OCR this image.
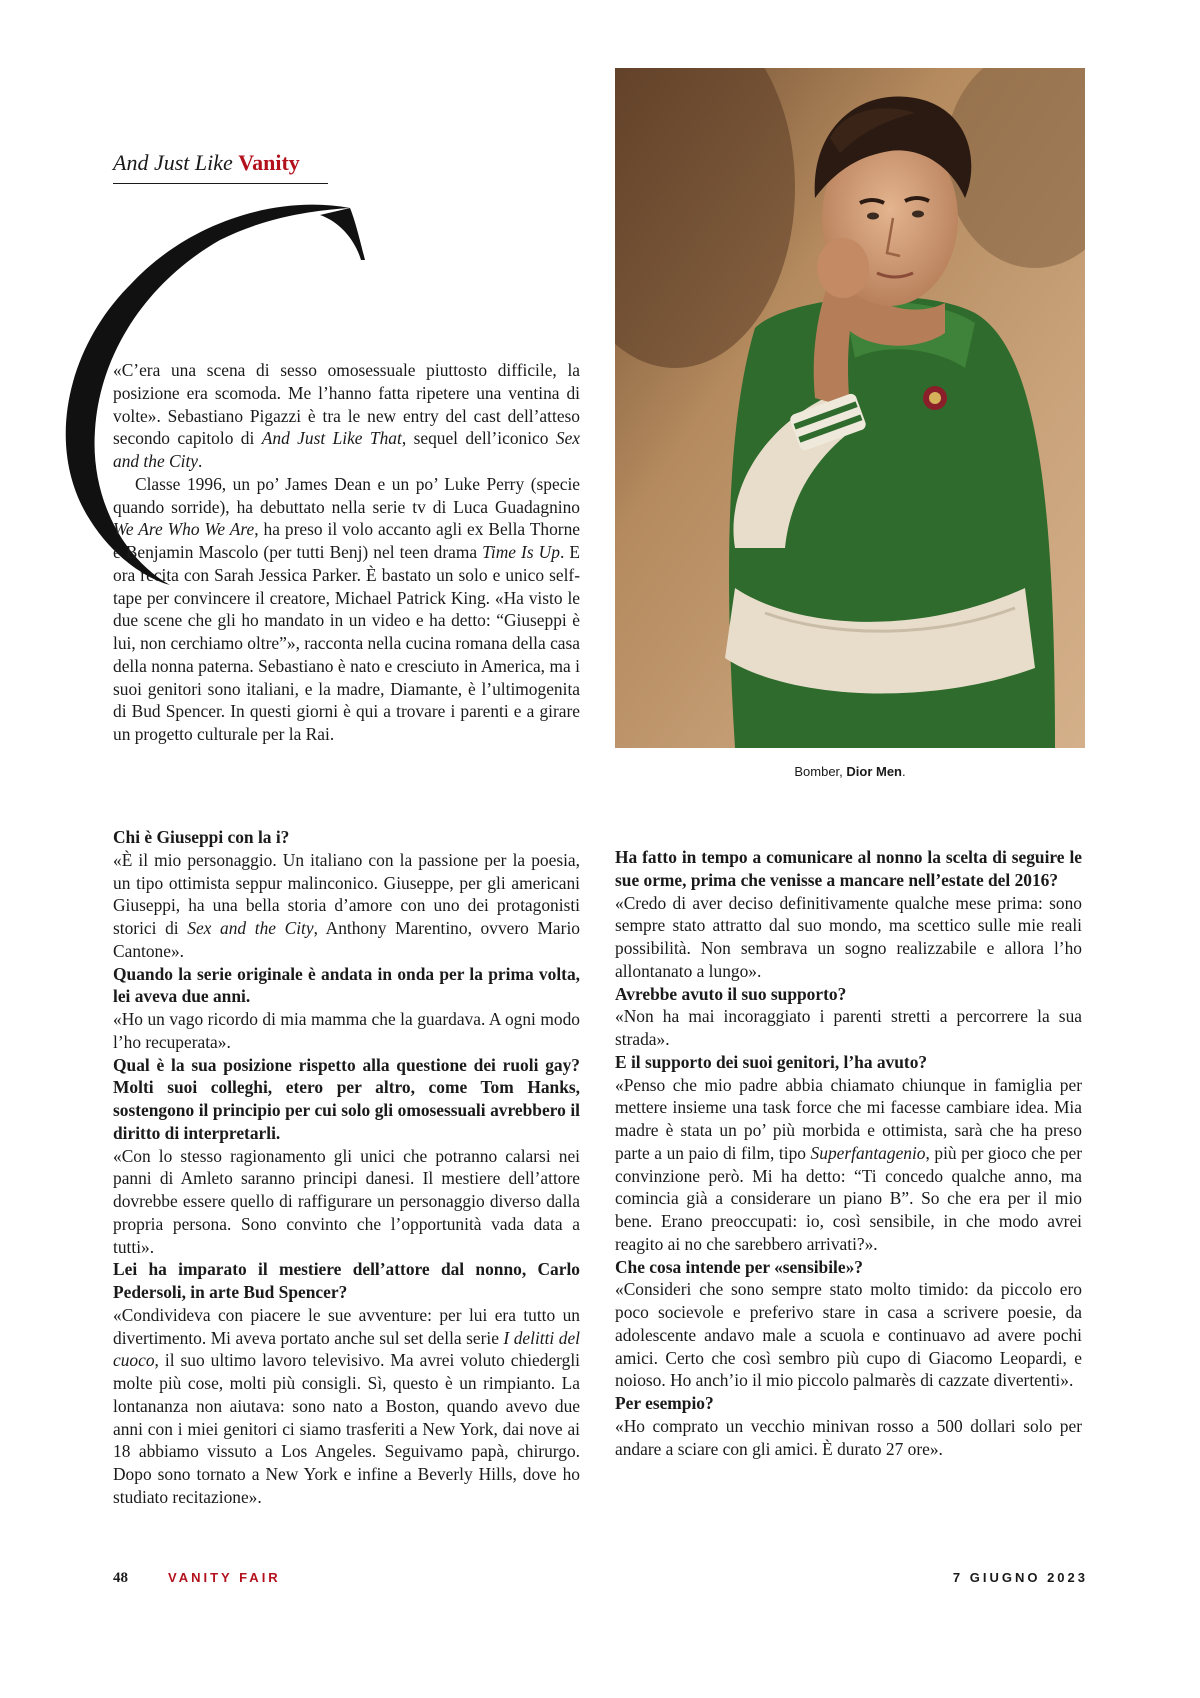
And Just Like Vanity

«C’era una scena di sesso omosessuale piuttosto difficile, la posizione era scomoda. Me l’hanno fatta ripetere una ventina di volte». Sebastiano Pigazzi è tra le new entry del cast dell’atteso secondo capitolo di And Just Like That, sequel dell’iconico Sex and the City.

Classe 1996, un po’ James Dean e un po’ Luke Perry (specie quando sorride), ha debuttato nella serie tv di Luca Guadagnino We Are Who We Are, ha preso il volo accanto agli ex Bella Thorne e Benjamin Mascolo (per tutti Benj) nel teen drama Time Is Up. E ora recita con Sarah Jessica Parker. È bastato un solo e unico self-tape per convincere il creatore, Michael Patrick King. «Ha visto le due scene che gli ho mandato in un video e ha detto: “Giuseppi è lui, non cerchiamo oltre”», racconta nella cucina romana della casa della nonna paterna. Sebastiano è nato e cresciuto in America, ma i suoi genitori sono italiani, e la madre, Diamante, è l’ultimogenita di Bud Spencer. In questi giorni è qui a trovare i parenti e a girare un progetto culturale per la Rai.

Chi è Giuseppi con la i?

«È il mio personaggio. Un italiano con la passione per la poesia, un tipo ottimista seppur malinconico. Giuseppe, per gli americani Giuseppi, ha una bella storia d’amore con uno dei protagonisti storici di Sex and the City, Anthony Marentino, ovvero Mario Cantone».

Quando la serie originale è andata in onda per la prima volta, lei aveva due anni.

«Ho un vago ricordo di mia mamma che la guardava. A ogni modo l’ho recuperata».

Qual è la sua posizione rispetto alla questione dei ruoli gay? Molti suoi colleghi, etero per altro, come Tom Hanks, sostengono il principio per cui solo gli omosessuali avrebbero il diritto di interpretarli.

«Con lo stesso ragionamento gli unici che potranno calarsi nei panni di Amleto saranno principi danesi. Il mestiere dell’attore dovrebbe essere quello di raffigurare un personaggio diverso dalla propria persona. Sono convinto che l’opportunità vada data a tutti».

Lei ha imparato il mestiere dell’attore dal nonno, Carlo Pedersoli, in arte Bud Spencer?

«Condivideva con piacere le sue avventure: per lui era tutto un divertimento. Mi aveva portato anche sul set della serie I delitti del cuoco, il suo ultimo lavoro televisivo. Ma avrei voluto chiedergli molte più cose, molti più consigli. Sì, questo è un rimpianto. La lontananza non aiutava: sono nato a Boston, quando avevo due anni con i miei genitori ci siamo trasferiti a New York, dai nove ai 18 abbiamo vissuto a Los Angeles. Seguivamo papà, chirurgo. Dopo sono tornato a New York e infine a Beverly Hills, dove ho studiato recitazione».

Bomber, Dior Men.

Ha fatto in tempo a comunicare al nonno la scelta di seguire le sue orme, prima che venisse a mancare nell’estate del 2016?

«Credo di aver deciso definitivamente qualche mese prima: sono sempre stato attratto dal suo mondo, ma scettico sulle mie reali possibilità. Non sembrava un sogno realizzabile e allora l’ho allontanato a lungo».

Avrebbe avuto il suo supporto?

«Non ha mai incoraggiato i parenti stretti a percorrere la sua strada».

E il supporto dei suoi genitori, l’ha avuto?

«Penso che mio padre abbia chiamato chiunque in famiglia per mettere insieme una task force che mi facesse cambiare idea. Mia madre è stata un po’ più morbida e ottimista, sarà che ha preso parte a un paio di film, tipo Superfantagenio, più per gioco che per convinzione però. Mi ha detto: “Ti concedo qualche anno, ma comincia già a considerare un piano B”. So che era per il mio bene. Erano preoccupati: io, così sensibile, in che modo avrei reagito ai no che sarebbero arrivati?».

Che cosa intende per «sensibile»?

«Consideri che sono sempre stato molto timido: da piccolo ero poco socievole e preferivo stare in casa a scrivere poesie, da adolescente andavo male a scuola e continuavo ad avere pochi amici. Certo che così sembro più cupo di Giacomo Leopardi, e noioso. Ho anch’io il mio piccolo palmarès di cazzate divertenti».

Per esempio?

«Ho comprato un vecchio minivan rosso a 500 dollari solo per andare a sciare con gli amici. È durato 27 ore».

48	VANITY FAIR	7 GIUGNO 2023
